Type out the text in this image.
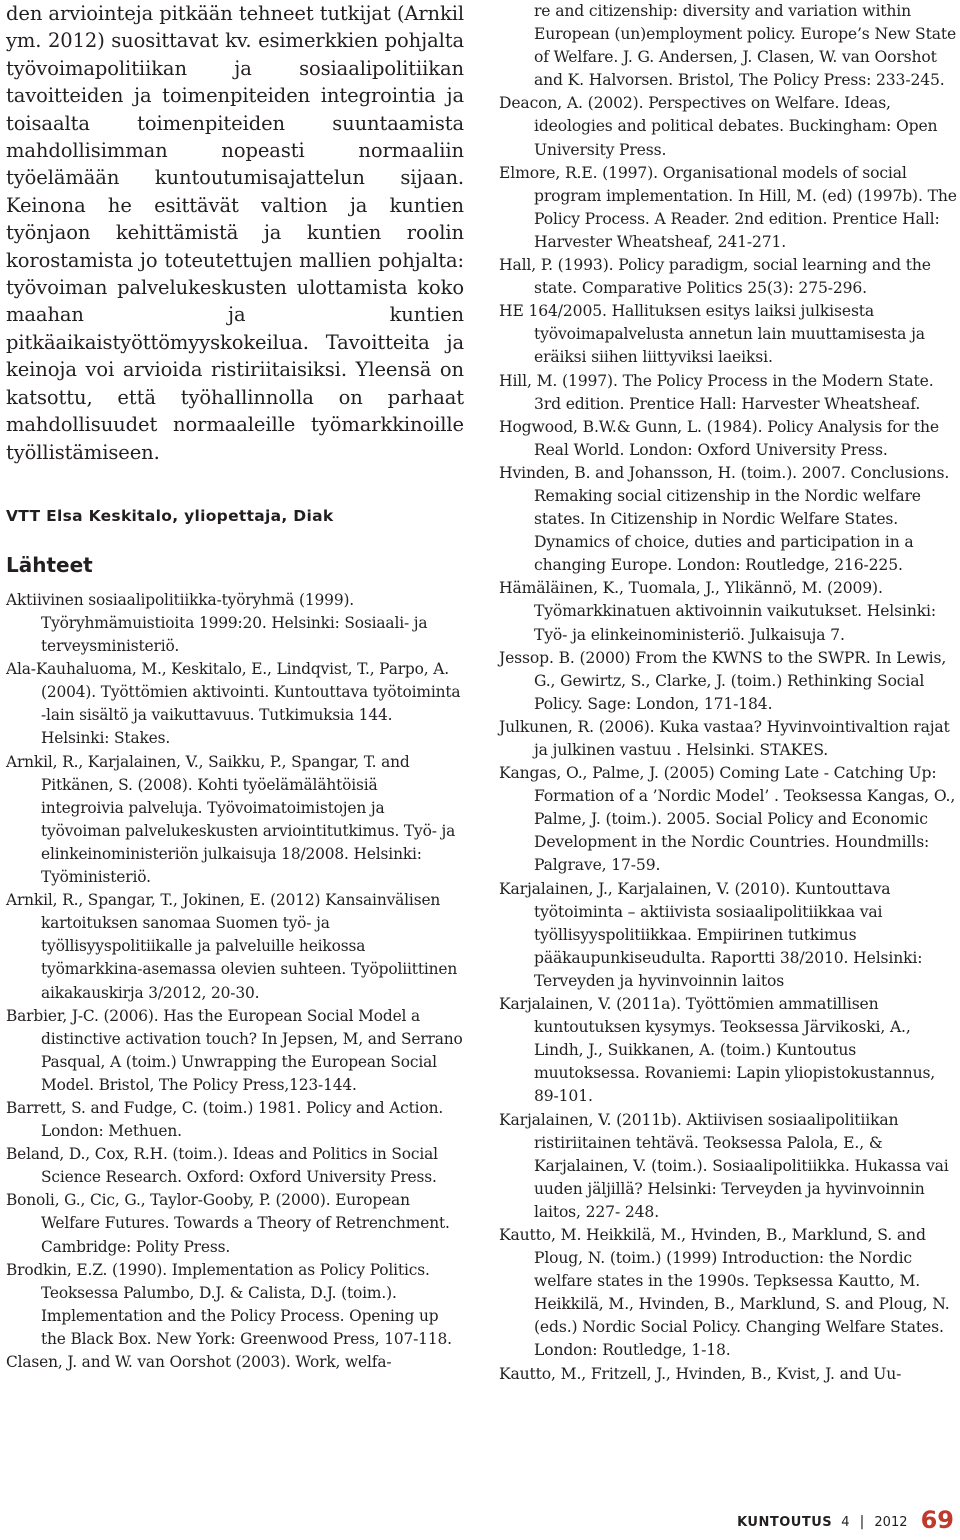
den arviointeja pitkään tehneet tutkijat (Arnkil ym. 2012) suosittavat kv. esimerkkien pohjalta työvoimapolitiikan ja sosiaalipolitiikan tavoitteiden ja toimenpiteiden integrointia ja toisaalta toimenpiteiden suuntaamista mahdollisimman nopeasti normaaliin työelämään kuntoutumisajattelun sijaan. Keinona he esittävät valtion ja kuntien työnjaon kehittämistä ja kuntien roolin korostamista jo toteutettujen mallien pohjalta: työvoiman palvelukeskusten ulottamista koko maahan ja kuntien pitkäaikaistyöttömyyskokeilua. Tavoitteita ja keinoja voi arvioida ristiriitaisiksi. Yleensä on katsottu, että työhallinnolla on parhaat mahdollisuudet normaaleille työmarkkinoille työllistämiseen.

VTT Elsa Keskitalo, yliopettaja, Diak
Lähteet

Aktiivinen sosiaalipolitiikka-työryhmä (1999). Työryhmämuistioita 1999:20. Helsinki: Sosiaali- ja terveysministeriö.

Ala-Kauhaluoma, M., Keskitalo, E., Lindqvist, T., Parpo, A. (2004). Työttömien aktivointi. Kuntouttava työtoiminta -lain sisältö ja vaikuttavuus. Tutkimuksia 144. Helsinki: Stakes.

Arnkil, R., Karjalainen, V., Saikku, P., Spangar, T. and Pitkänen, S. (2008). Kohti työelämälähtöisiä integroivia palveluja. Työvoimatoimistojen ja työvoiman palvelukeskusten arviointitutkimus. Työ- ja elinkeinoministeriön julkaisuja 18/2008. Helsinki: Työministeriö.

Arnkil, R., Spangar, T., Jokinen, E. (2012) Kansainvälisen kartoituksen sanomaa Suomen työ- ja työllisyyspolitiikalle ja palveluille heikossa työmarkkina-asemassa olevien suhteen. Työpoliittinen aikakauskirja 3/2012, 20-30.

Barbier, J-C. (2006). Has the European Social Model a distinctive activation touch? In Jepsen, M, and Serrano Pasqual, A (toim.) Unwrapping the European Social Model. Bristol, The Policy Press,123-144.

Barrett, S. and Fudge, C. (toim.) 1981. Policy and Action. London: Methuen.

Beland, D., Cox, R.H. (toim.). Ideas and Politics in Social Science Research. Oxford: Oxford University Press.

Bonoli, G., Cic, G., Taylor-Gooby, P. (2000). European Welfare Futures. Towards a Theory of Retrenchment. Cambridge: Polity Press.

Brodkin, E.Z. (1990). Implementation as Policy Politics. Teoksessa Palumbo, D.J. & Calista, D.J. (toim.). Implementation and the Policy Process. Opening up the Black Box. New York: Greenwood Press, 107-118.

Clasen, J. and W. van Oorshot (2003). Work, welfa-

re and citizenship: diversity and variation within European (un)employment policy. Europe’s New State of Welfare. J. G. Andersen, J. Clasen, W. van Oorshot and K. Halvorsen. Bristol, The Policy Press: 233-245.

Deacon, A. (2002). Perspectives on Welfare. Ideas, ideologies and political debates. Buckingham: Open University Press.

Elmore, R.E. (1997). Organisational models of social program implementation. In Hill, M. (ed) (1997b). The Policy Process. A Reader. 2nd edition. Prentice Hall: Harvester Wheatsheaf, 241-271.

Hall, P. (1993). Policy paradigm, social learning and the state. Comparative Politics 25(3): 275-296.

HE 164/2005. Hallituksen esitys laiksi julkisesta työvoimapalvelusta annetun lain muuttamisesta ja eräiksi siihen liittyviksi laeiksi.

Hill, M. (1997). The Policy Process in the Modern State. 3rd edition. Prentice Hall: Harvester Wheatsheaf.

Hogwood, B.W.& Gunn, L. (1984). Policy Analysis for the Real World. London: Oxford University Press.

Hvinden, B. and Johansson, H. (toim.). 2007. Conclusions. Remaking social citizenship in the Nordic welfare states. In Citizenship in Nordic Welfare States. Dynamics of choice, duties and participation in a changing Europe. London: Routledge, 216-225.

Hämäläinen, K., Tuomala, J., Ylikännö, M. (2009). Työmarkkinatuen aktivoinnin vaikutukset. Helsinki: Työ- ja elinkeinoministeriö. Julkaisuja 7.

Jessop. B. (2000) From the KWNS to the SWPR. In Lewis, G., Gewirtz, S., Clarke, J. (toim.) Rethinking Social Policy. Sage: London, 171-184.

Julkunen, R. (2006). Kuka vastaa? Hyvinvointivaltion rajat ja julkinen vastuu . Helsinki. STAKES.

Kangas, O., Palme, J. (2005) Coming Late - Catching Up: Formation of a ’Nordic Model’ . Teoksessa Kangas, O., Palme, J. (toim.). 2005. Social Policy and Economic Development in the Nordic Countries. Houndmills: Palgrave, 17-59.

Karjalainen, J., Karjalainen, V. (2010). Kuntouttava työtoiminta – aktiivista sosiaalipolitiikkaa vai työllisyyspolitiikkaa. Empiirinen tutkimus pääkaupunkiseudulta. Raportti 38/2010. Helsinki: Terveyden ja hyvinvoinnin laitos

Karjalainen, V. (2011a). Työttömien ammatillisen kuntoutuksen kysymys. Teoksessa Järvikoski, A., Lindh, J., Suikkanen, A. (toim.) Kuntoutus muutoksessa. Rovaniemi: Lapin yliopistokustannus, 89-101.

Karjalainen, V. (2011b). Aktiivisen sosiaalipolitiikan ristiriitainen tehtävä. Teoksessa Palola, E., & Karjalainen, V. (toim.). Sosiaalipolitiikka. Hukassa vai uuden jäljillä? Helsinki: Terveyden ja hyvinvoinnin laitos, 227- 248.

Kautto, M. Heikkilä, M., Hvinden, B., Marklund, S. and Ploug, N. (toim.) (1999) Introduction: the Nordic welfare states in the 1990s. Tepksessa Kautto, M. Heikkilä, M., Hvinden, B., Marklund, S. and Ploug, N. (eds.) Nordic Social Policy. Changing Welfare States. London: Routledge, 1-18.

Kautto, M., Fritzell, J., Hvinden, B., Kvist, J. and Uu-

KUNTOUTUS 4 | 2012 69
